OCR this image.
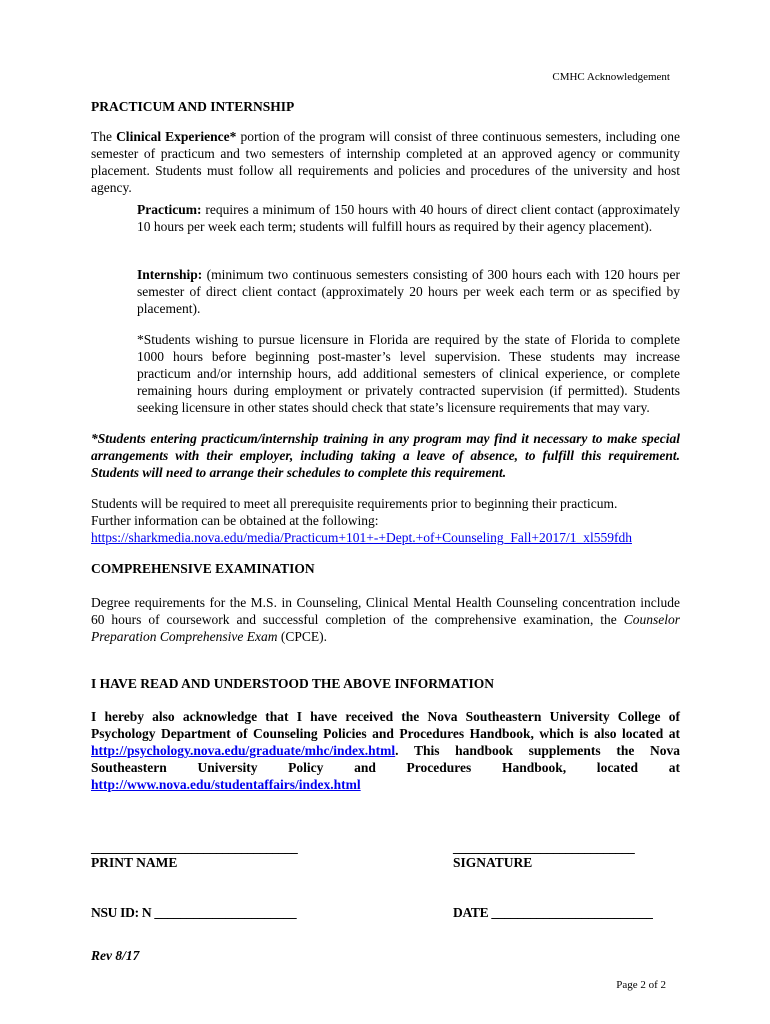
CMHC Acknowledgement
PRACTICUM AND INTERNSHIP
The Clinical Experience* portion of the program will consist of three continuous semesters, including one semester of practicum and two semesters of internship completed at an approved agency or community placement. Students must follow all requirements and policies and procedures of the university and host agency.
Practicum: requires a minimum of 150 hours with 40 hours of direct client contact (approximately 10 hours per week each term; students will fulfill hours as required by their agency placement).
Internship: (minimum two continuous semesters consisting of 300 hours each with 120 hours per semester of direct client contact (approximately 20 hours per week each term or as specified by placement).
*Students wishing to pursue licensure in Florida are required by the state of Florida to complete 1000 hours before beginning post-master’s level supervision. These students may increase practicum and/or internship hours, add additional semesters of clinical experience, or complete remaining hours during employment or privately contracted supervision (if permitted). Students seeking licensure in other states should check that state’s licensure requirements that may vary.
*Students entering practicum/internship training in any program may find it necessary to make special arrangements with their employer, including taking a leave of absence, to fulfill this requirement. Students will need to arrange their schedules to complete this requirement.
Students will be required to meet all prerequisite requirements prior to beginning their practicum.
Further information can be obtained at the following:
https://sharkmedia.nova.edu/media/Practicum+101+-+Dept.+of+Counseling_Fall+2017/1_xl559fdh
COMPREHENSIVE EXAMINATION
Degree requirements for the M.S. in Counseling, Clinical Mental Health Counseling concentration include 60 hours of coursework and successful completion of the comprehensive examination, the Counselor Preparation Comprehensive Exam (CPCE).
I HAVE READ AND UNDERSTOOD THE ABOVE INFORMATION
I hereby also acknowledge that I have received the Nova Southeastern University College of Psychology Department of Counseling Policies and Procedures Handbook, which is also located at http://psychology.nova.edu/graduate/mhc/index.html. This handbook supplements the Nova Southeastern University Policy and Procedures Handbook, located at
http://www.nova.edu/studentaffairs/index.html
_________________________________	_____________________________
PRINT NAME	SIGNATURE
NSU ID: N ______________________	DATE _________________________
Rev 8/17
Page 2 of 2
